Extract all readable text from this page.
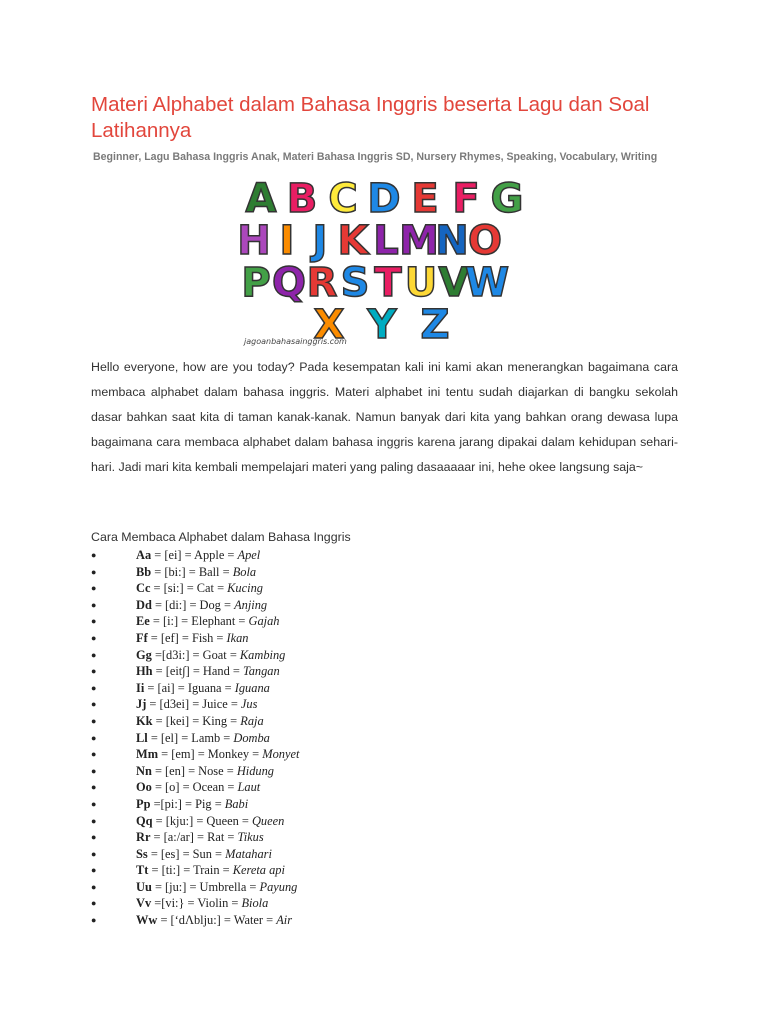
Materi Alphabet dalam Bahasa Inggris beserta Lagu dan Soal Latihannya
Beginner, Lagu Bahasa Inggris Anak, Materi Bahasa Inggris SD, Nursery Rhymes, Speaking, Vocabulary, Writing
A B C D E F G
H I J K L M
N O
P Q R S T U V
W
X Y Z
jagoanbahasainggris.com

Hello everyone, how are you today? Pada kesempatan kali ini kami akan menerangkan bagaimana cara membaca alphabet dalam bahasa inggris. Materi alphabet ini tentu sudah diajarkan di bangku sekolah dasar bahkan saat kita di taman kanak-kanak. Namun banyak dari kita yang bahkan orang dewasa lupa bagaimana cara membaca alphabet dalam bahasa inggris karena jarang dipakai dalam kehidupan sehari-hari. Jadi mari kita kembali mempelajari materi yang paling dasaaaaar ini, hehe okee langsung saja~

Cara Membaca Alphabet dalam Bahasa Inggris
●	Aa = [ei] = Apple = Apel
●	Bb = [bi:] = Ball = Bola
●	Cc = [si:] = Cat = Kucing
●	Dd = [di:] = Dog = Anjing
●	Ee = [i:] = Elephant = Gajah
●	Ff = [ef] = Fish = Ikan
●	Gg =[d3i:] = Goat = Kambing
●	Hh = [eit∫] = Hand = Tangan
●	Ii = [ai] = Iguana = Iguana
●	Jj = [d3ei] = Juice = Jus
●	Kk = [kei] = King = Raja
●	Ll = [el] = Lamb = Domba
●	Mm = [em] = Monkey = Monyet
●	Nn = [en] = Nose = Hidung
●	Oo = [o] = Ocean = Laut
●	Pp =[pi:] = Pig = Babi
●	Qq = [kju:] = Queen = Queen
●	Rr = [a:/ar] = Rat = Tikus
●	Ss = [es] = Sun = Matahari
●	Tt = [ti:] = Train = Kereta api
●	Uu = [ju:] = Umbrella = Payung
●	Vv =[vi:} = Violin = Biola
●	Ww = [‘dΛblju:] = Water = Air
